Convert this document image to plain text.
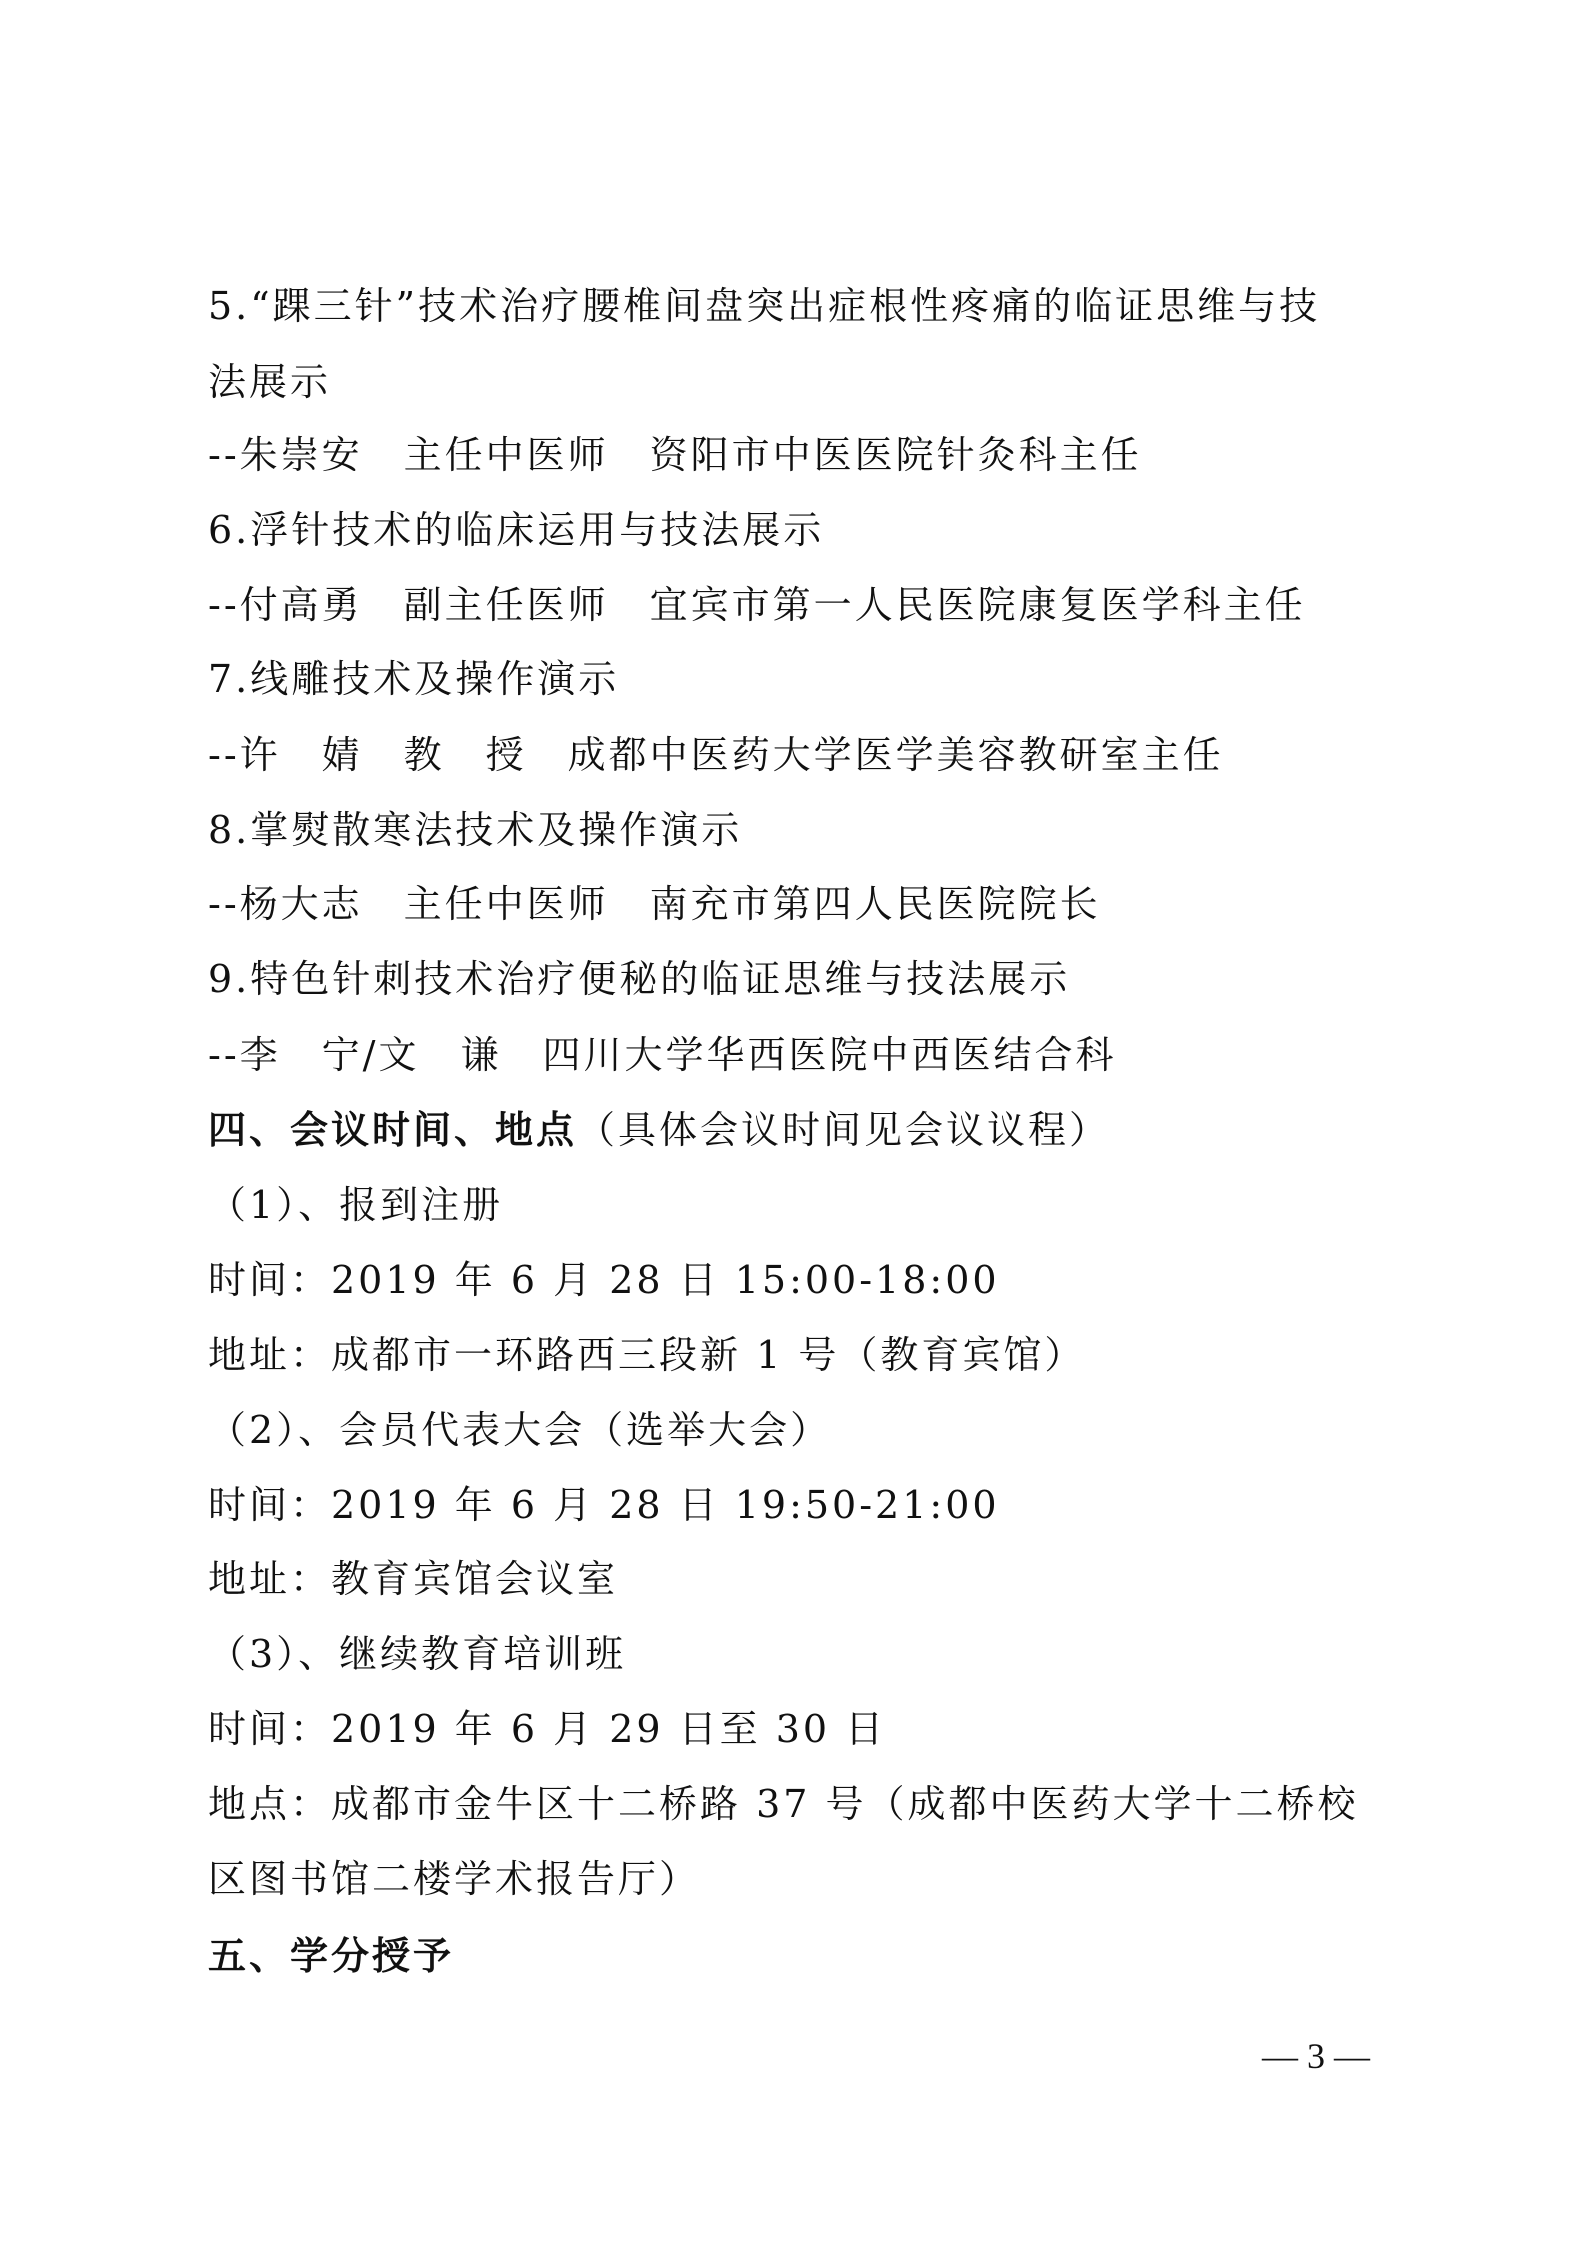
5.“踝三针”技术治疗腰椎间盘突出症根性疼痛的临证思维与技
法展示
--朱崇安　主任中医师　资阳市中医医院针灸科主任
6.浮针技术的临床运用与技法展示
--付高勇　副主任医师　宜宾市第一人民医院康复医学科主任
7.线雕技术及操作演示
--许　婧　教　授　成都中医药大学医学美容教研室主任
8.掌熨散寒法技术及操作演示
--杨大志　主任中医师　南充市第四人民医院院长
9.特色针刺技术治疗便秘的临证思维与技法展示
--李　宁/文　谦　四川大学华西医院中西医结合科
四、会议时间、地点（具体会议时间见会议议程）
（1）、报到注册
时间：2019 年 6 月 28 日 15:00-18:00
地址：成都市一环路西三段新 1 号（教育宾馆）
（2）、会员代表大会（选举大会）
时间：2019 年 6 月 28 日 19:50-21:00
地址：教育宾馆会议室
（3）、继续教育培训班
时间：2019 年 6 月 29 日至 30 日
地点：成都市金牛区十二桥路 37 号（成都中医药大学十二桥校
区图书馆二楼学术报告厅）
五、学分授予
— 3 —
